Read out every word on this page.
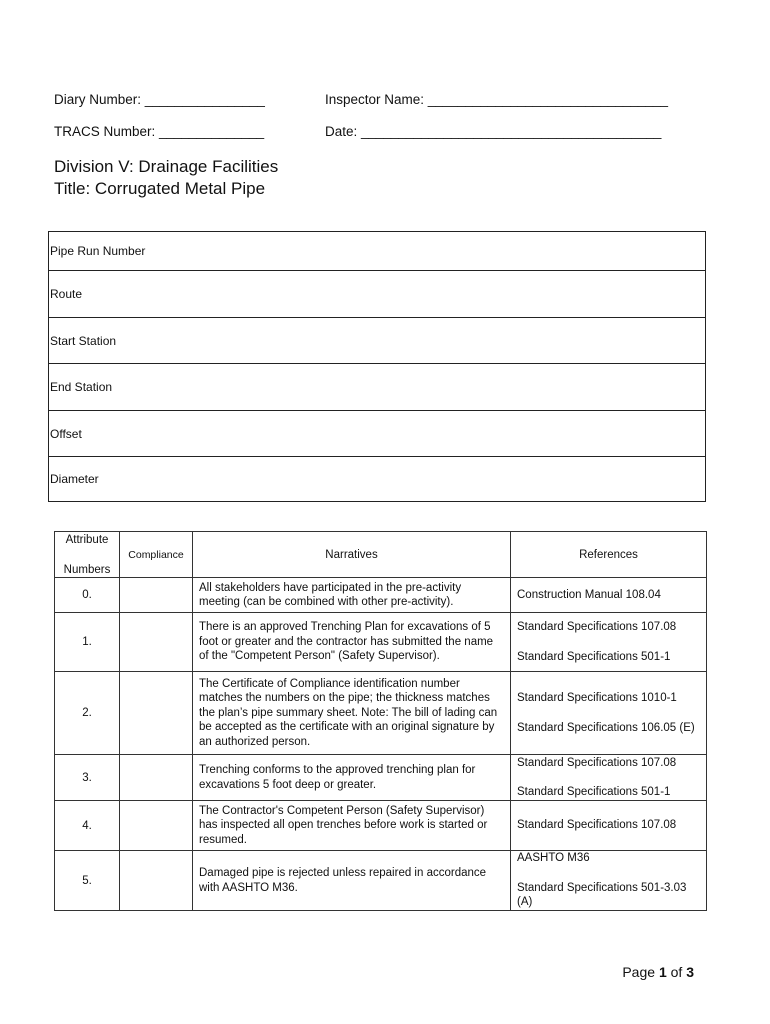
Diary Number: ________________	Inspector Name: ________________________________
TRACS Number: ______________	Date: ________________________________________
Division V: Drainage Facilities
Title: Corrugated Metal Pipe
Pipe Run Number
Route
Start Station
End Station
Offset
Diameter
Attribute
Numbers	Compliance	Narratives	References
0.		All stakeholders have participated in the pre-activity meeting (can be combined with other pre-activity).	Construction Manual 108.04

1.		There is an approved Trenching Plan for excavations of 5 foot or greater and the contractor has submitted the name of the "Competent Person" (Safety Supervisor).	Standard Specifications 107.08
Standard Specifications 501-1

2.		The Certificate of Compliance identification number matches the numbers on the pipe; the thickness matches the plan’s pipe summary sheet. Note: The bill of lading can be accepted as the certificate with an original signature by an authorized person.	Standard Specifications 1010-1
Standard Specifications 106.05 (E)

3.		Trenching conforms to the approved trenching plan for excavations 5 foot deep or greater.	Standard Specifications 107.08
Standard Specifications 501-1

4.		The Contractor's Competent Person (Safety Supervisor) has inspected all open trenches before work is started or resumed.	Standard Specifications 107.08

5.		Damaged pipe is rejected unless repaired in accordance with AASHTO M36.	AASHTO M36
Standard Specifications 501-3.03 (A)
Page 1 of 3
